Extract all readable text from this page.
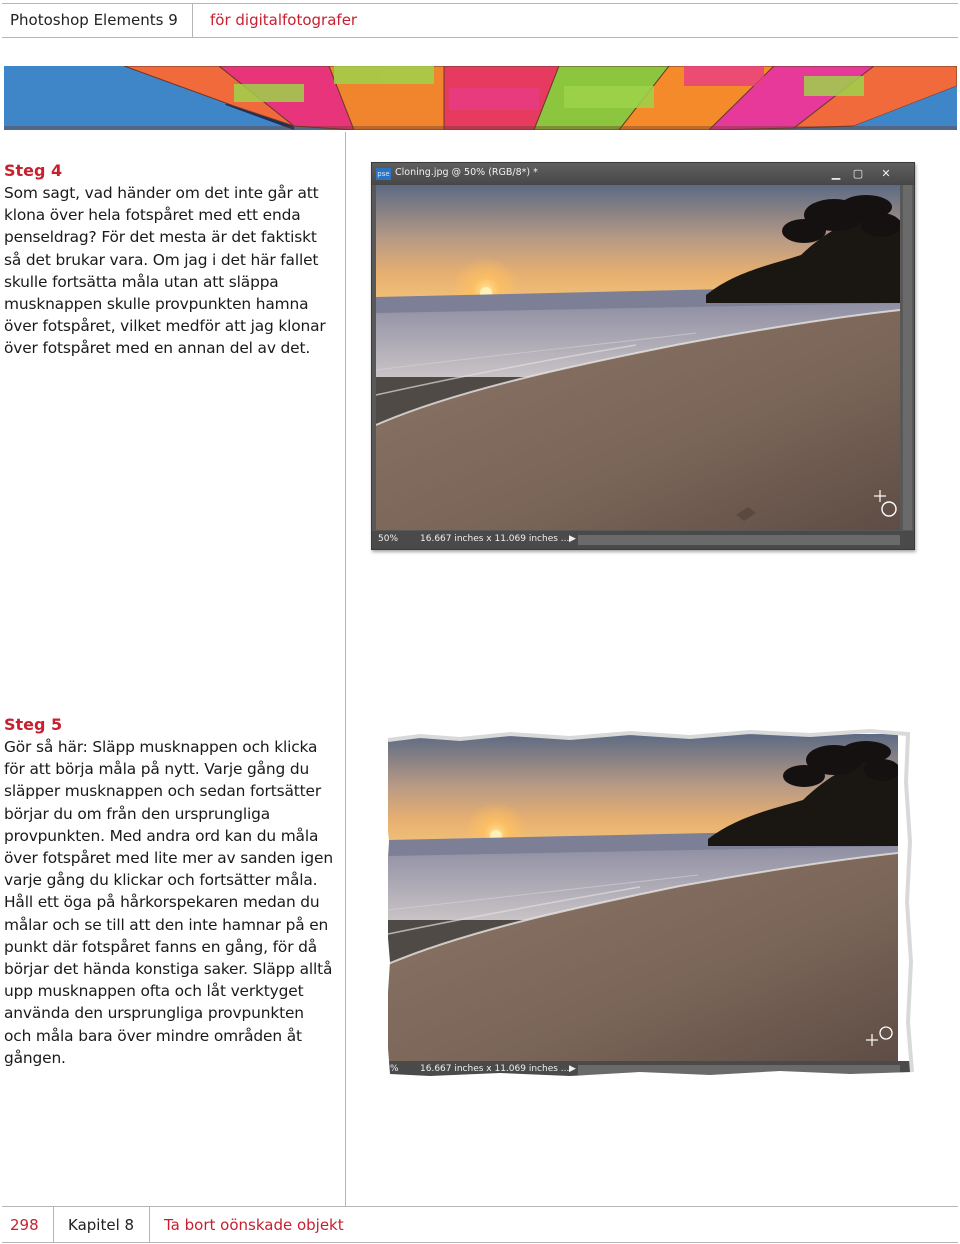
Photoshop Elements 9 för digitalfotografer
Steg 4

Som sagt, vad händer om det inte går att klona över hela fotspåret med ett enda penseldrag? För det mesta är det faktiskt så det brukar vara. Om jag i det här fallet skulle fortsätta måla utan att släppa musknappen skulle provpunkten hamna över fotspåret, vilket medför att jag klonar över fotspåret med en annan del av det.

pse Cloning.jpg @ 50% (RGB/8*) *	▁ ▢ ✕
50% 16.667 inches x 11.069 inches ... ▶
Steg 5

Gör så här: Släpp musknappen och klicka för att börja måla på nytt. Varje gång du släpper musknappen och sedan fortsätter börjar du om från den ursprungliga provpunkten. Med andra ord kan du måla över fotspåret med lite mer av sanden igen varje gång du klickar och fortsätter måla. Håll ett öga på hårkorspekaren medan du målar och se till att den inte hamnar på en punkt där fotspåret fanns en gång, för då börjar det hända konstiga saker. Släpp alltå upp musknappen ofta och låt verktyget använda den ursprungliga provpunkten och måla bara över mindre områden åt gången.

% 16.667 inches x 11.069 inches ... ▶
298 Kapitel 8 Ta bort oönskade objekt
